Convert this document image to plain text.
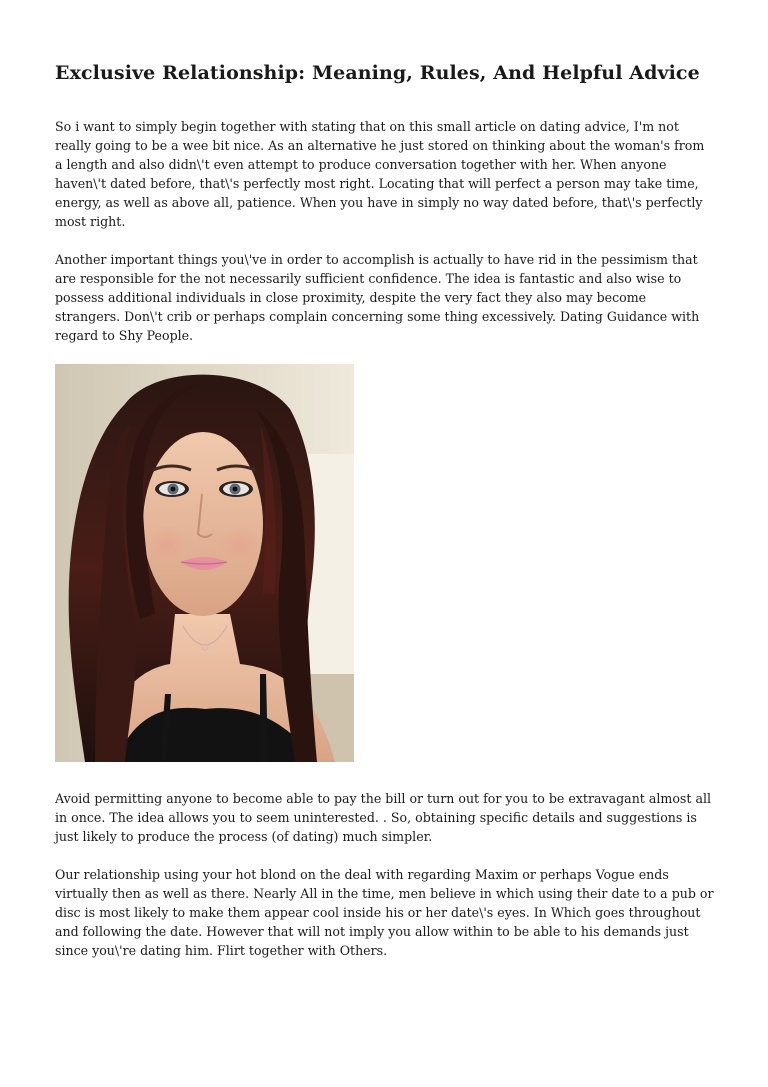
Exclusive Relationship: Meaning, Rules, And Helpful Advice

So i want to simply begin together with stating that on this small article on dating advice, I'm not really going to be a wee bit nice. As an alternative he just stored on thinking about the woman's from a length and also didn\'t even attempt to produce conversation together with her. When anyone haven\'t dated before, that\'s perfectly most right. Locating that will perfect a person may take time, energy, as well as above all, patience. When you have in simply no way dated before, that\'s perfectly most right.

Another important things you\'ve in order to accomplish is actually to have rid in the pessimism that are responsible for the not necessarily sufficient confidence. The idea is fantastic and also wise to possess additional individuals in close proximity, despite the very fact they also may become strangers. Don\'t crib or perhaps complain concerning some thing excessively. Dating Guidance with regard to Shy People.

Avoid permitting anyone to become able to pay the bill or turn out for you to be extravagant almost all in once. The idea allows you to seem uninterested. . So, obtaining specific details and suggestions is just likely to produce the process (of dating) much simpler.

Our relationship using your hot blond on the deal with regarding Maxim or perhaps Vogue ends virtually then as well as there. Nearly All in the time, men believe in which using their date to a pub or disc is most likely to make them appear cool inside his or her date\'s eyes. In Which goes throughout and following the date. However that will not imply you allow within to be able to his demands just since you\'re dating him. Flirt together with Others.
